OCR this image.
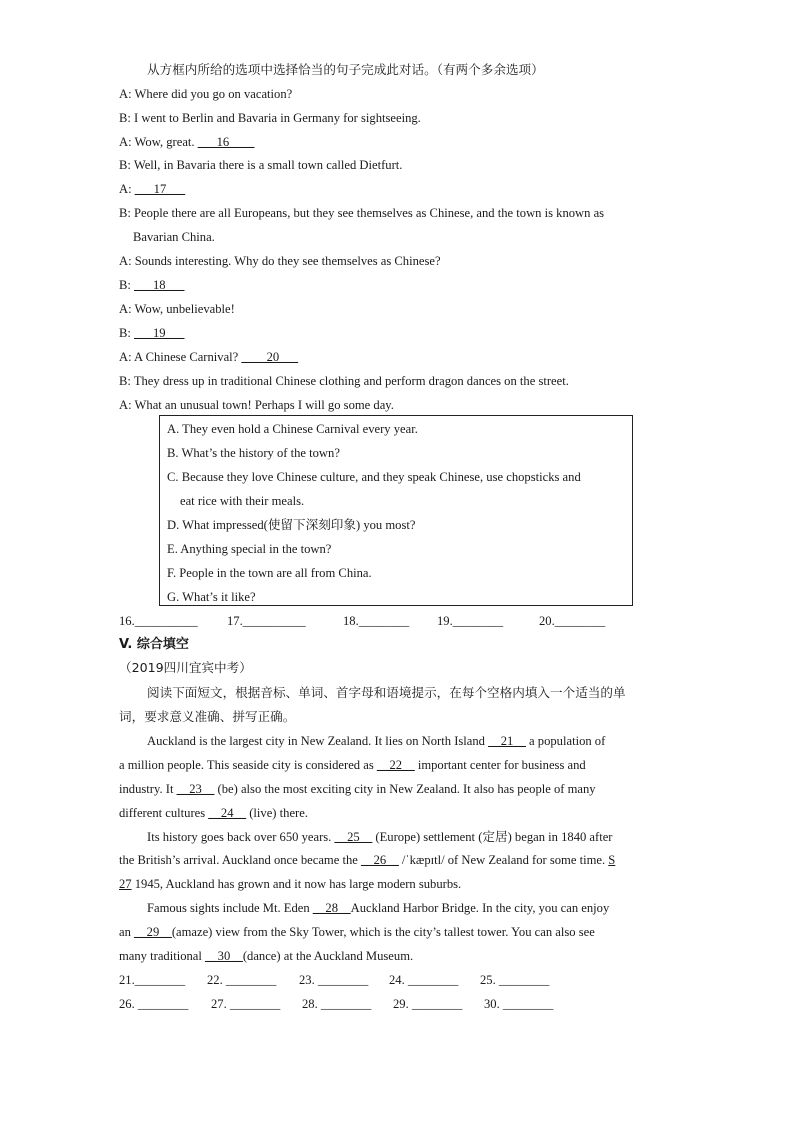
从方框内所给的选项中选择恰当的句子完成此对话。（有两个多余选项）
A: Where did you go on vacation?
B: I went to Berlin and Bavaria in Germany for sightseeing.
A: Wow, great. ___16____
B: Well, in Bavaria there is a small town called Dietfurt.
A: ___17___
B: People there are all Europeans, but they see themselves as Chinese, and the town is known as
Bavarian China.
A: Sounds interesting. Why do they see themselves as Chinese?
B: ___18___
A: Wow, unbelievable!
B: ___19___
A: A Chinese Carnival? ____20___
B: They dress up in traditional Chinese clothing and perform dragon dances on the street.
A: What an unusual town! Perhaps I will go some day.
A. They even hold a Chinese Carnival every year.
B. What’s the history of the town?
C. Because they love Chinese culture, and they speak Chinese, use chopsticks and
eat rice with their meals.
D. What impressed(使留下深刻印象) you most?
E. Anything special in the town?
F. People in the town are all from China.
G. What’s it like?
16.__________ 17.__________	18.________ 19.________	20.________
V. 综合填空
（2019四川宜宾中考）
阅读下面短文，根据音标、单词、首字母和语境提示，在每个空格内填入一个适当的单
词，要求意义准确、拼写正确。
Auckland is the largest city in New Zealand. It lies on North Island __21__ a population of
a million people. This seaside city is considered as __22__ important center for business and
industry. It __23__ (be) also the most exciting city in New Zealand. It also has people of many
different cultures __24__ (live) there.
Its history goes back over 650 years. __25__ (Europe) settlement (定居) began in 1840 after
the British’s arrival. Auckland once became the __26__ /ˈkæpɪtl/ of New Zealand for some time. S
27 1945, Auckland has grown and it now has large modern suburbs.
Famous sights include Mt. Eden __28__Auckland Harbor Bridge. In the city, you can enjoy
an __29__(amaze) view from the Sky Tower, which is the city’s tallest tower. You can also see
many traditional __30__(dance) at the Auckland Museum.
21.________ 22. ________ 23. ________ 24. ________ 25. ________
26. ________ 27. ________ 28. ________ 29. ________ 30. ________
